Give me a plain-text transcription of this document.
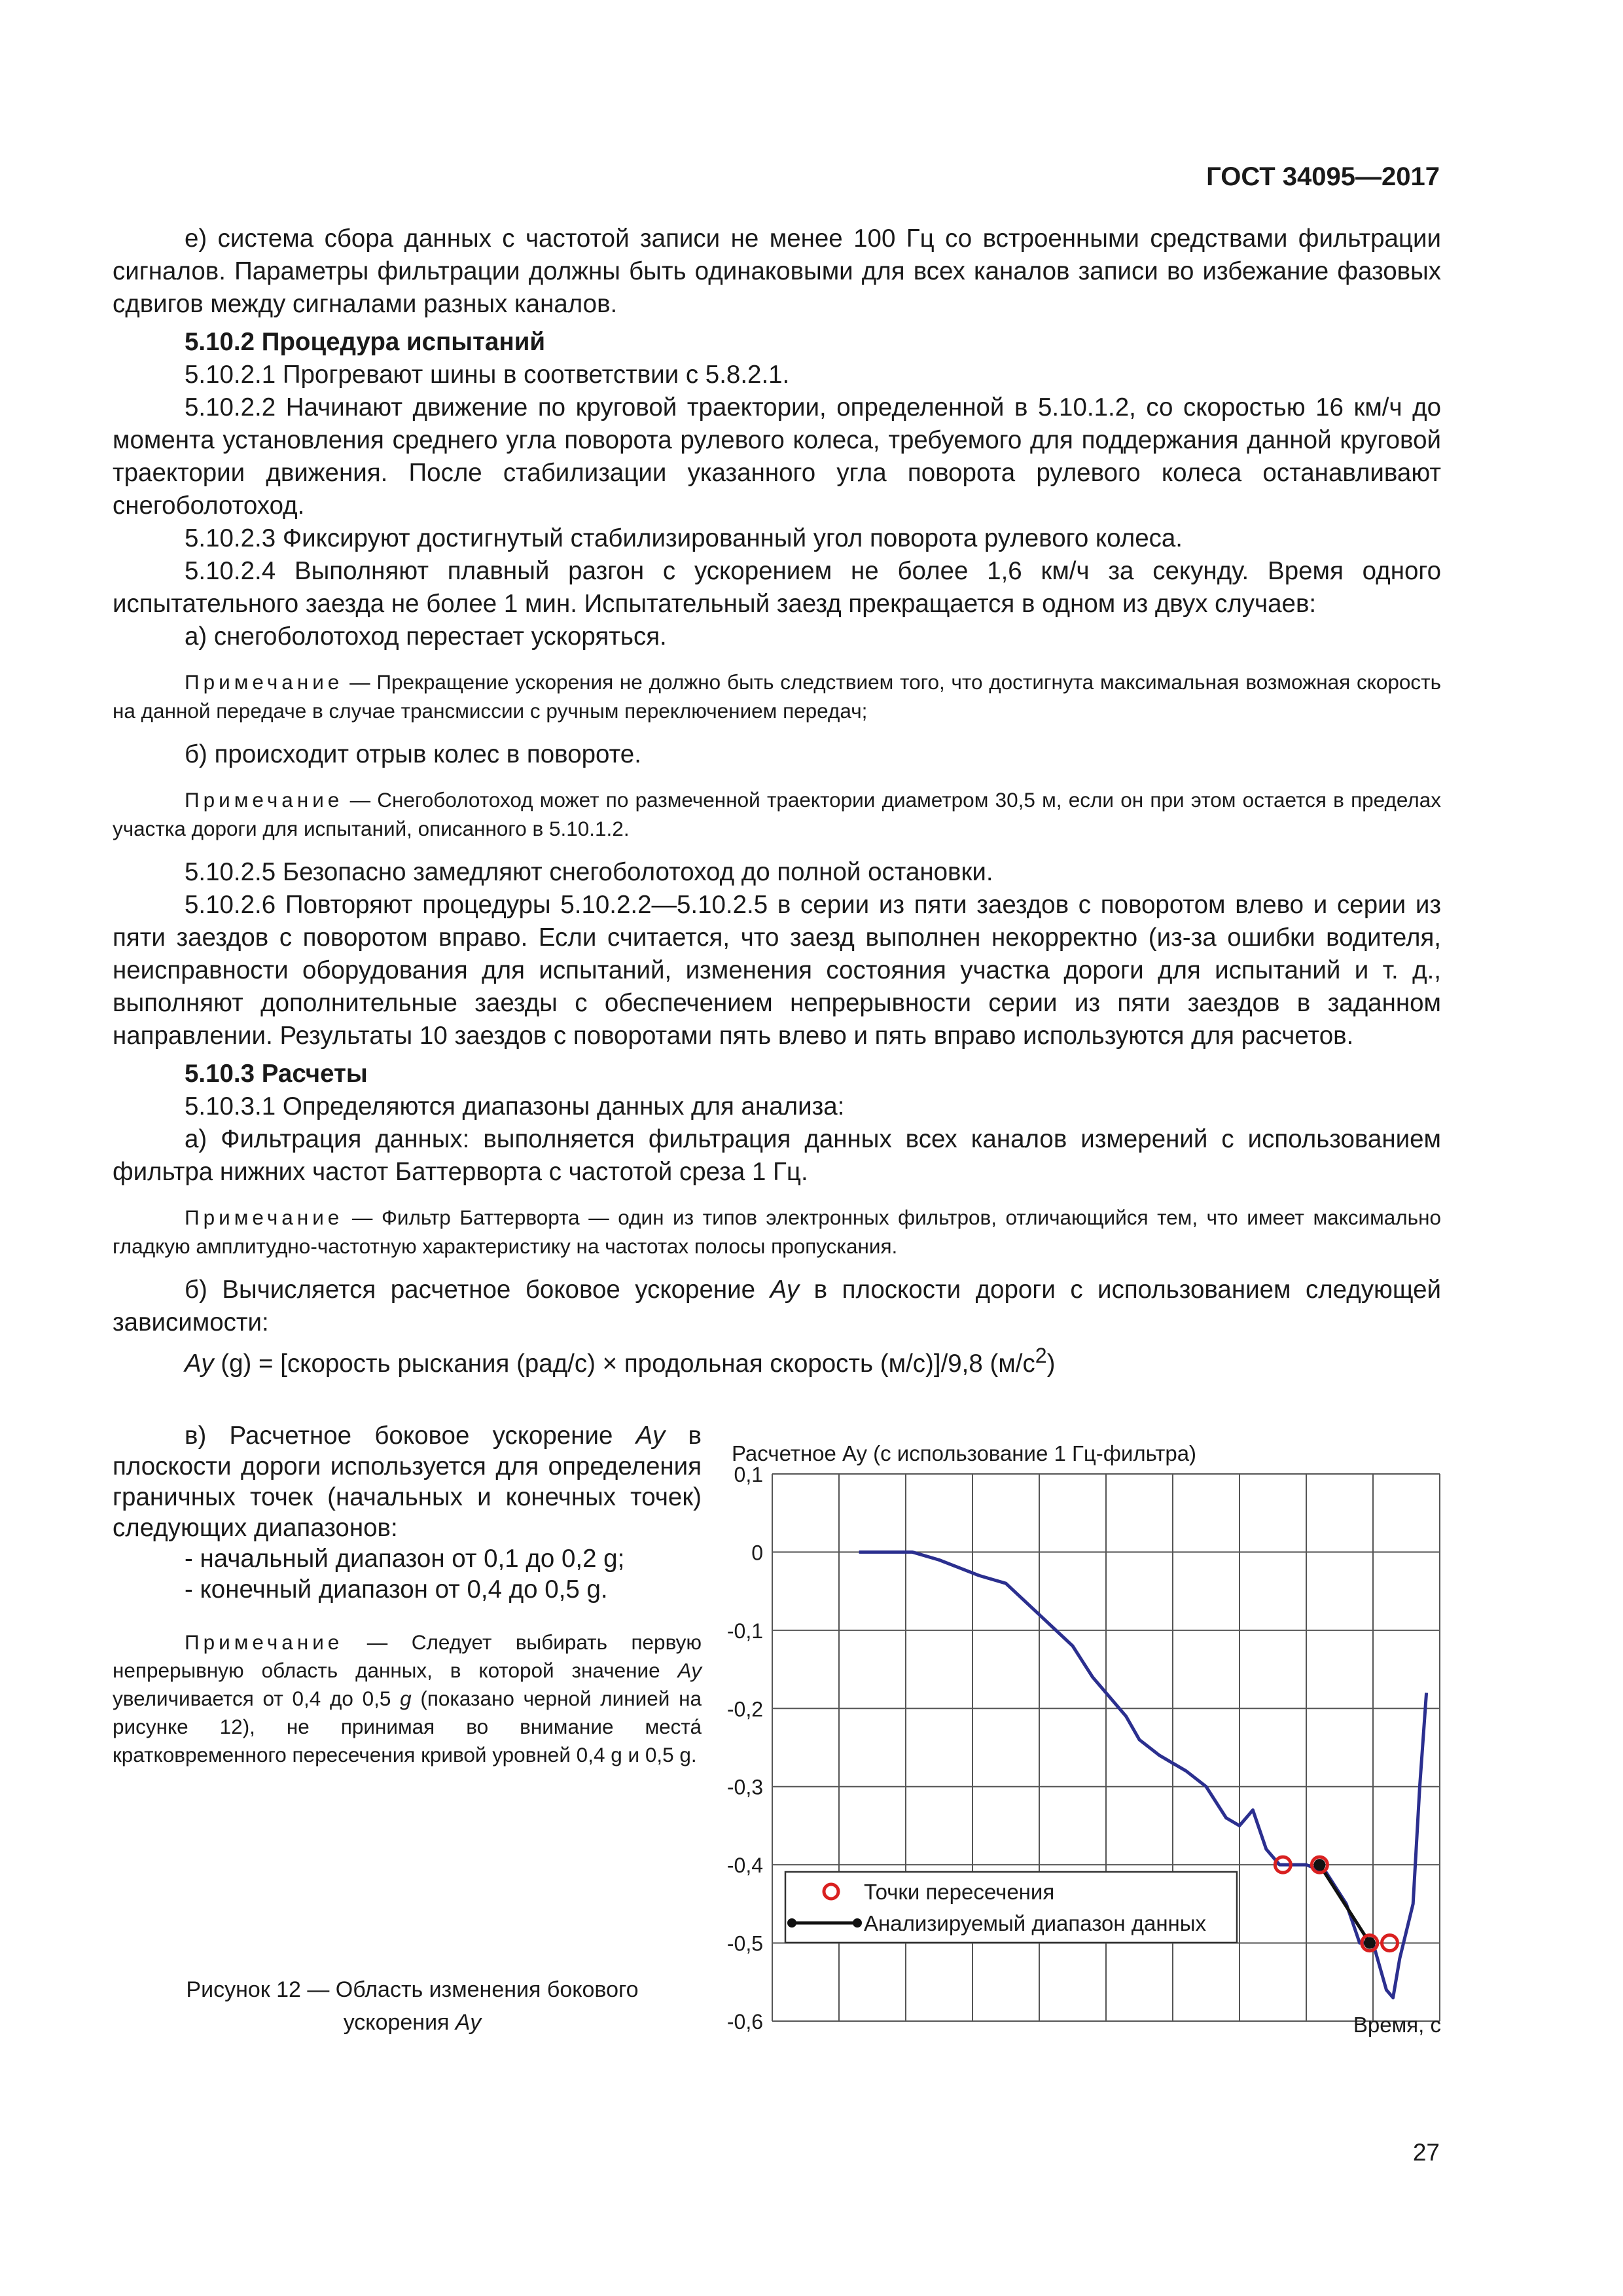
ГОСТ 34095—2017

е) система сбора данных с частотой записи не менее 100 Гц со встроенными средствами фильтрации сигналов. Параметры фильтрации должны быть одинаковыми для всех каналов записи во избежание фазовых сдвигов между сигналами разных каналов.

5.10.2 Процедура испытаний

5.10.2.1 Прогревают шины в соответствии с 5.8.2.1.

5.10.2.2 Начинают движение по круговой траектории, определенной в 5.10.1.2, со скоростью 16 км/ч до момента установления среднего угла поворота рулевого колеса, требуемого для поддержания данной круговой траектории движения. После стабилизации указанного угла поворота рулевого колеса останавливают снегоболотоход.

5.10.2.3 Фиксируют достигнутый стабилизированный угол поворота рулевого колеса.

5.10.2.4 Выполняют плавный разгон с ускорением не более 1,6 км/ч за секунду. Время одного испытательного заезда не более 1 мин. Испытательный заезд прекращается в одном из двух случаев:

а) снегоболотоход перестает ускоряться.

Примечание — Прекращение ускорения не должно быть следствием того, что достигнута максимальная возможная скорость на данной передаче в случае трансмиссии с ручным переключением передач;

б) происходит отрыв колес в повороте.

Примечание — Снегоболотоход может по размеченной траектории диаметром 30,5 м, если он при этом остается в пределах участка дороги для испытаний, описанного в 5.10.1.2.

5.10.2.5 Безопасно замедляют снегоболотоход до полной остановки.

5.10.2.6 Повторяют процедуры 5.10.2.2—5.10.2.5 в серии из пяти заездов с поворотом влево и серии из пяти заездов с поворотом вправо. Если считается, что заезд выполнен некорректно (из-за ошибки водителя, неисправности оборудования для испытаний, изменения состояния участка дороги для испытаний и т. д., выполняют дополнительные заезды с обеспечением непрерывности серии из пяти заездов в заданном направлении. Результаты 10 заездов с поворотами пять влево и пять вправо используются для расчетов.

5.10.3 Расчеты

5.10.3.1 Определяются диапазоны данных для анализа:

а) Фильтрация данных: выполняется фильтрация данных всех каналов измерений с использованием фильтра нижних частот Баттерворта с частотой среза 1 Гц.

Примечание — Фильтр Баттерворта — один из типов электронных фильтров, отличающийся тем, что имеет максимально гладкую амплитудно-частотную характеристику на частотах полосы пропускания.

б) Вычисляется расчетное боковое ускорение Ay в плоскости дороги с использованием следующей зависимости:

Ay (g) = [скорость рыскания (рад/с) × продольная скорость (м/с)]/9,8 $(м/с^2)$

в) Расчетное боковое ускорение Ay в плоскости дороги используется для определения граничных точек (начальных и конечных точек) следующих диапазонов:

- начальный диапазон от 0,1 до 0,2 g;

- конечный диапазон от 0,4 до 0,5 g.

Примечание — Следует выбирать первую непрерывную область данных, в которой значение Ay увеличивается от 0,4 до 0,5 g (показано черной линией на рисунке 12), не принимая во внимание места́ кратковременного пересечения кривой уровней 0,4 g и 0,5 g.

Рисунок 12 — Область изменения бокового
ускорения Ay
Расчетное Ay (с использование 1 Гц-фильтра)
0,1
0
-0,1
-0,2
-0,3
-0,4
-0,5
-0,6
Точки пересечения
Анализируемый диапазон данных
Время, с
27
